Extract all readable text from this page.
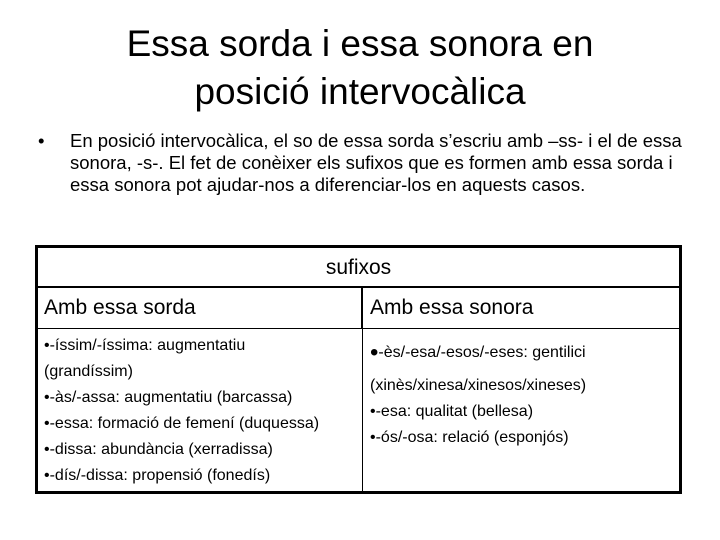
Essa sorda i essa sonora en
posició intervocàlica
•	En posició intervocàlica, el so de essa sorda s’escriu amb –ss- i el de essa sonora, -s-. El fet de conèixer els sufixos que es formen amb essa sorda i essa sonora pot ajudar-nos a diferenciar-los en aquests casos.
sufixos
Amb essa sorda	Amb essa sonora
•-íssim/-íssima: augmentatiu
(grandíssim)
•-às/-assa: augmentatiu (barcassa)
•-essa: formació de femení (duquessa)
•-dissa: abundància (xerradissa)
•-dís/-dissa: propensió (fonedís)
•-ès/-esa/-esos/-eses: gentilici
(xinès/xinesa/xinesos/xineses)
•-esa: qualitat (bellesa)
•-ós/-osa: relació (esponjós)
